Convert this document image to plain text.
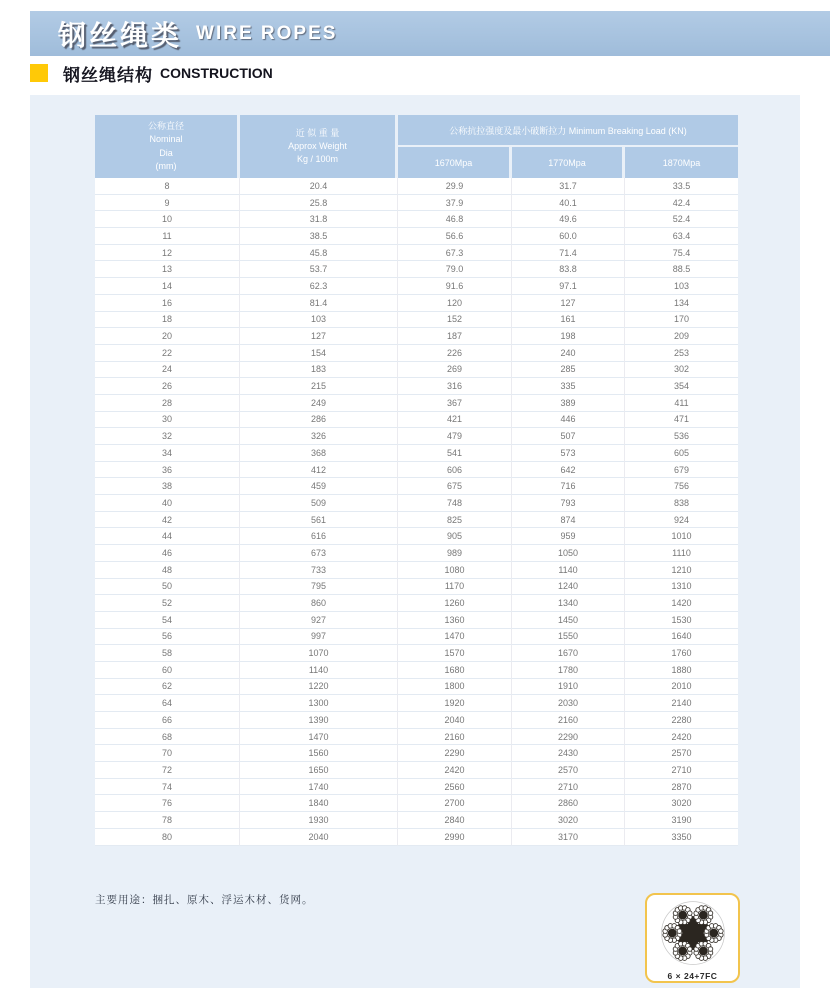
钢丝绳类 WIRE ROPES
钢丝绳结构 CONSTRUCTION
公称直径
Nominal
Dia
(mm)

近 似 重 量
Approx Weight
Kg / 100m
	公称抗拉强度及最小破断拉力 Minimum Breaking Load (KN)
		1670Mpa	1770Mpa	1870Mpa
8	20.4	29.9	31.7	33.5
9	25.8	37.9	40.1	42.4
10	31.8	46.8	49.6	52.4
11	38.5	56.6	60.0	63.4
12	45.8	67.3	71.4	75.4
13	53.7	79.0	83.8	88.5
14	62.3	91.6	97.1	103
16	81.4	120	127	134
18	103	152	161	170
20	127	187	198	209
22	154	226	240	253
24	183	269	285	302
26	215	316	335	354
28	249	367	389	411
30	286	421	446	471
32	326	479	507	536
34	368	541	573	605
36	412	606	642	679
38	459	675	716	756
40	509	748	793	838
42	561	825	874	924
44	616	905	959	1010
46	673	989	1050	1110
48	733	1080	1140	1210
50	795	1170	1240	1310
52	860	1260	1340	1420
54	927	1360	1450	1530
56	997	1470	1550	1640
58	1070	1570	1670	1760
60	1140	1680	1780	1880
62	1220	1800	1910	2010
64	1300	1920	2030	2140
66	1390	2040	2160	2280
68	1470	2160	2290	2420
70	1560	2290	2430	2570
72	1650	2420	2570	2710
74	1740	2560	2710	2870
76	1840	2700	2860	3020
78	1930	2840	3020	3190
80	2040	2990	3170	3350
主要用途：捆扎、原木、浮运木材、货网。
6 × 24+7FC
